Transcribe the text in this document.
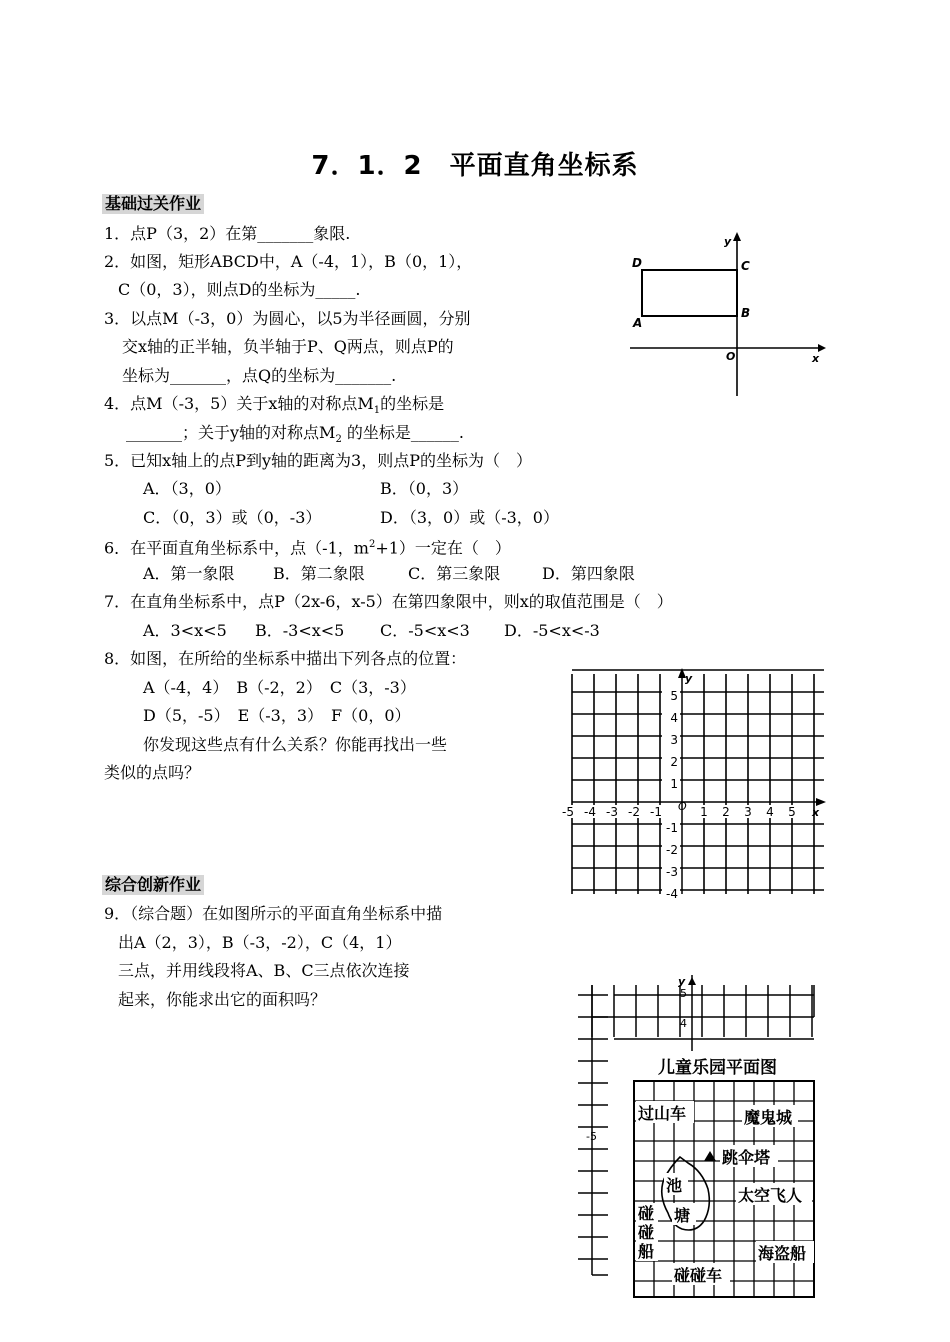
7．1．2　平面直角坐标系
基础过关作业
1．点P（3，2）在第_______象限.
2．如图，矩形ABCD中，A（-4，1），B（0，1），
C（0，3），则点D的坐标为_____.
3．以点M（-3，0）为圆心，以5为半径画圆，分别
交x轴的正半轴，负半轴于P、Q两点，则点P的
坐标为_______，点Q的坐标为_______.
4．点M（-3，5）关于x轴的对称点$M_1$的坐标是
_______；关于y轴的对称点$M_2$ 的坐标是______.
5．已知x轴上的点P到y轴的距离为3，则点P的坐标为（　）
A．（3，0）	B．（0，3）
C．（0，3）或（0，-3）	D．（3，0）或（-3，0）
6．在平面直角坐标系中，点（-1，$m^2+1$）一定在（　）
A．第一象限 B．第二象限	C．第三象限	D．第四象限
7．在直角坐标系中，点P（2x-6，x-5）在第四象限中，则x的取值范围是（　）
A．3<x<5 B．-3<x<5 C．-5<x<3 D．-5<x<-3
8．如图，在所给的坐标系中描出下列各点的位置：
A（-4，4）　B（-2，2）　C（3，-3）
D（5，-5）　E（-3，3）　F（0，0）
你发现这些点有什么关系？你能再找出一些
类似的点吗？
综合创新作业
9．（综合题）在如图所示的平面直角坐标系中描
出A（2，3），B（-3，-2），C（4，1）
三点，并用线段将A、B、C三点依次连接
起来，你能求出它的面积吗？
D	C
A
B
O	x
y
y
x
O
-5 -4 -3 -2 -1	1 2 3 4 5
5
4
3
2
1
-1
-2
-3
-4
y
5
4
-5
儿童乐园平面图
过山车	魔鬼城
跳伞塔
池
塘
太空飞人
碰碰船	海盗船
碰碰车
